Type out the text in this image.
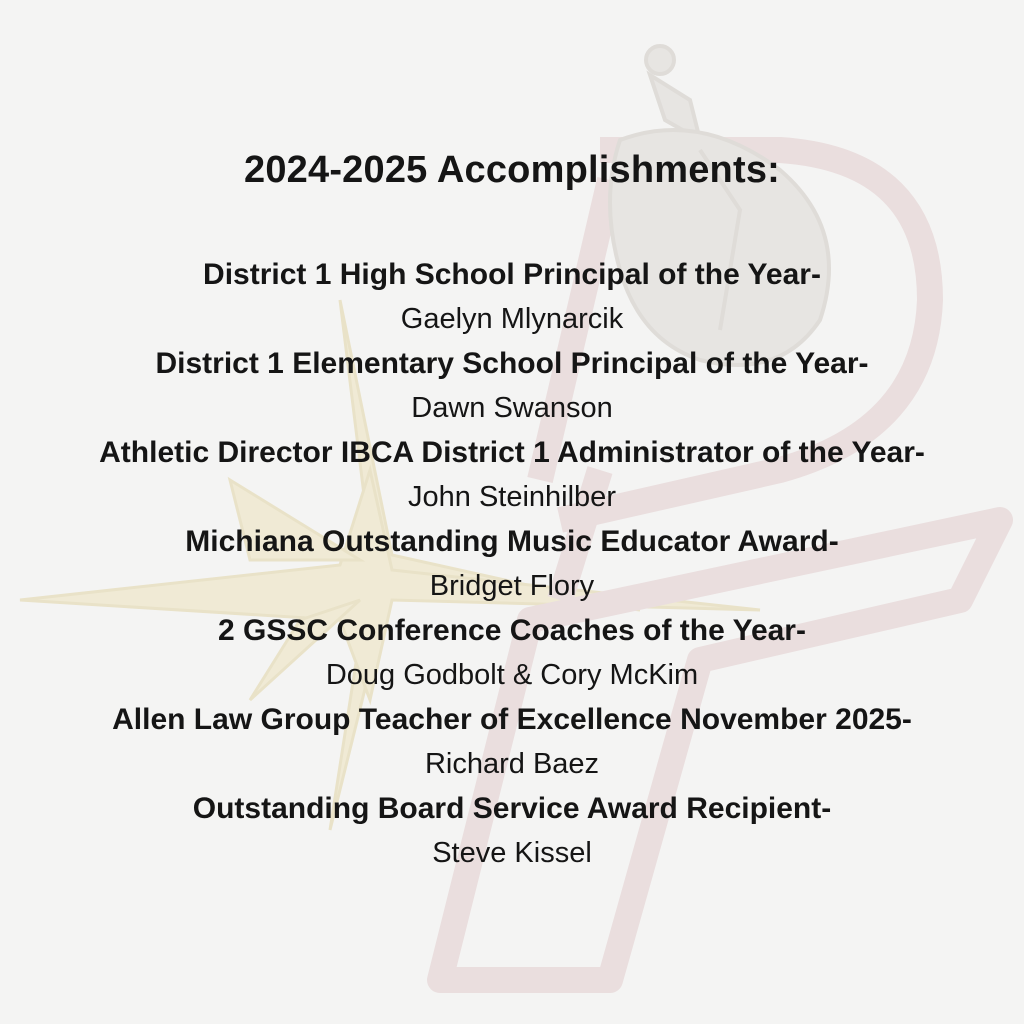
2024-2025 Accomplishments:
District 1 High School Principal of the Year-
Gaelyn Mlynarcik
District 1 Elementary School Principal of the Year-
Dawn Swanson
Athletic Director IBCA District 1 Administrator of the Year-
John Steinhilber
Michiana Outstanding Music Educator Award-
Bridget Flory
2 GSSC Conference Coaches of the Year-
Doug Godbolt & Cory McKim
Allen Law Group Teacher of Excellence November 2025-
Richard Baez
Outstanding Board Service Award Recipient-
Steve Kissel
